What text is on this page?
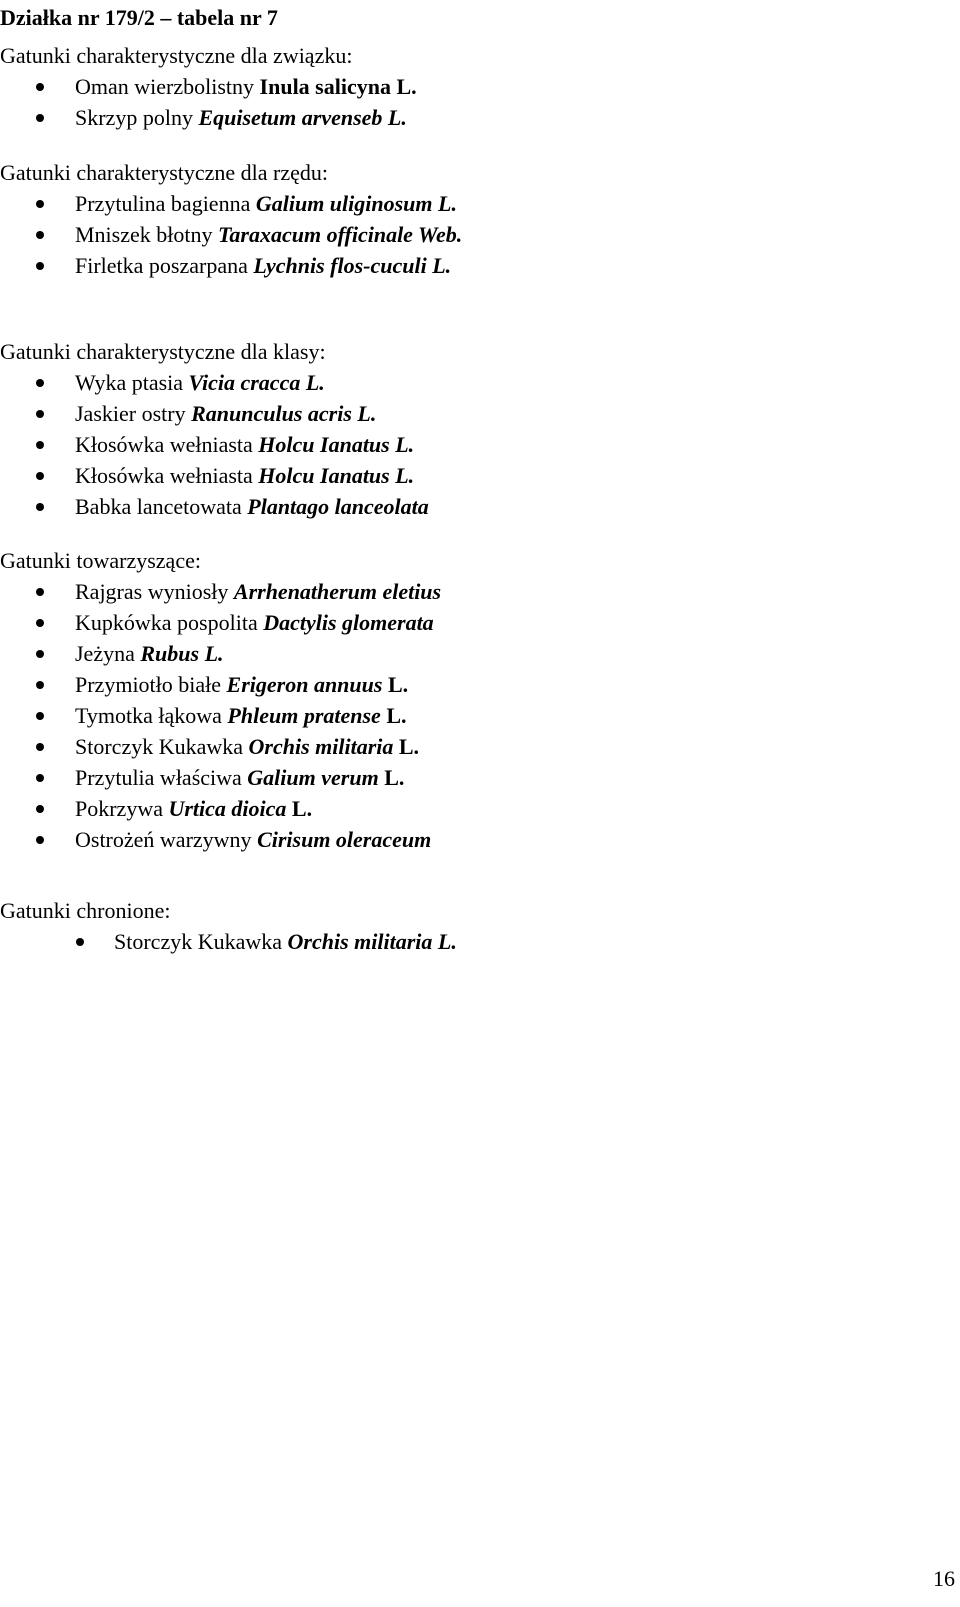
Działka nr 179/2 – tabela nr 7
Gatunki charakterystyczne dla związku:
Oman wierzbolistny Inula salicyna L.
Skrzyp polny Equisetum arvenseb L.
Gatunki charakterystyczne dla rzędu:
Przytulina bagienna Galium uliginosum L.
Mniszek błotny Taraxacum officinale Web.
Firletka poszarpana Lychnis flos-cuculi L.
Gatunki charakterystyczne dla klasy:
Wyka ptasia Vicia cracca L.
Jaskier ostry Ranunculus acris L.
Kłosówka wełniasta Holcu Ianatus L.
Kłosówka wełniasta Holcu Ianatus L.
Babka lancetowata Plantago lanceolata
Gatunki towarzyszące:
Rajgras wyniosły Arrhenatherum eletius
Kupkówka pospolita Dactylis glomerata
Jeżyna Rubus L.
Przymiotło białe Erigeron annuus L.
Tymotka łąkowa Phleum pratense L.
Storczyk Kukawka Orchis militaria L.
Przytulia właściwa Galium verum L.
Pokrzywa Urtica dioica L.
Ostrożeń warzywny Cirisum oleraceum
Gatunki chronione:
Storczyk Kukawka Orchis militaria L.
16
